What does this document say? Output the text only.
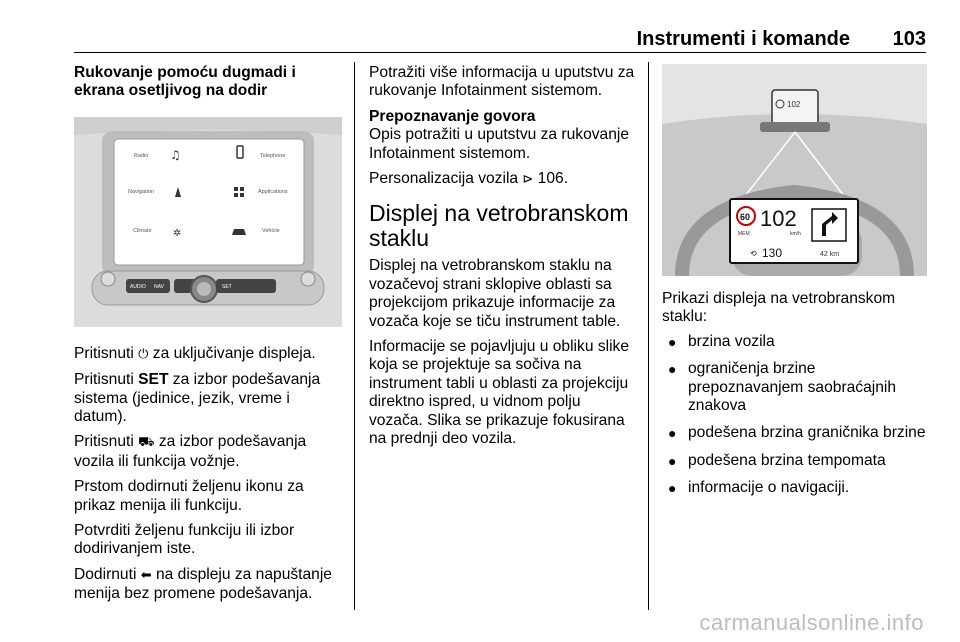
Instrumenti i komande 103
Rukovanje pomoću dugmadi i ekrana osetljivog na dodir
Radio	Telephone
Navigation	Applications
Climate	Vehicle
♫
✲
AUDIO NAV	SET
Pritisnuti ⏻ za uključivanje displeja.
Pritisnuti SET za izbor podešavanja sistema (jedinice, jezik, vreme i datum).
Pritisnuti ⛟ za izbor podešavanja vozila ili funkcija vožnje.
Prstom dodirnuti željenu ikonu za prikaz menija ili funkciju.
Potvrditi željenu funkciju ili izbor dodirivanjem iste.
Dodirnuti ⬅ na displeju za napuštanje menija bez promene podešavanja.
Potražiti više informacija u uputstvu za rukovanje Infotainment sistemom.
Prepoznavanje govora
Opis potražiti u uputstvu za rukovanje Infotainment sistemom.
Personalizacija vozila ⊳ 106.
Displej na vetrobranskom staklu
Displej na vetrobranskom staklu na vozačevoj strani sklopive oblasti sa projekcijom prikazuje informacije za vozača koje se tiču instrument table.
Informacije se pojavljuju u obliku slike koja se projektuje sa sočiva na instrument tabli u oblasti za projekciju direktno ispred, u vidnom polju vozača. Slika se prikazuje fokusirana na prednji deo vozila.
102
60
MEM
102
km/h
⟲ 130	42 km
Prikazi displeja na vetrobranskom staklu:
● brzina vozila
● ograničenja brzine prepoznavanjem saobraćajnih znakova
● podešena brzina graničnika brzine
● podešena brzina tempomata
● informacije o navigaciji.
carmanualsonline.info
